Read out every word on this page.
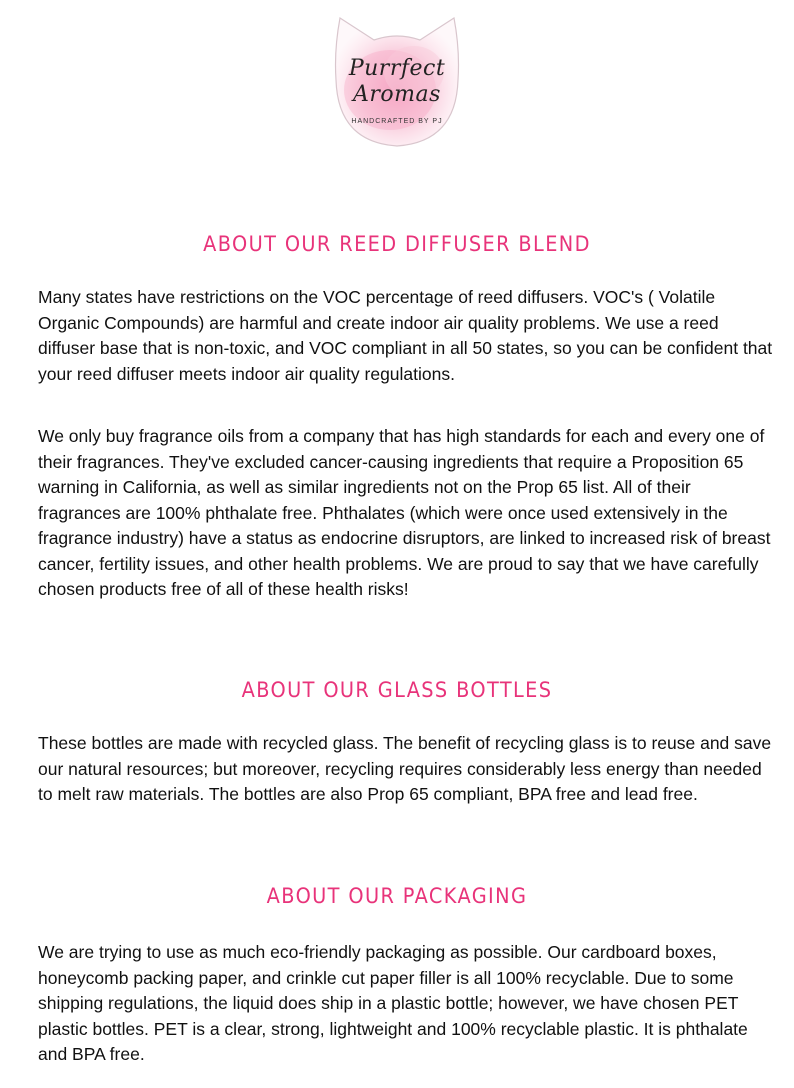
Purrfect
Aromas
HANDCRAFTED BY PJ
ABOUT OUR REED DIFFUSER BLEND

Many states have restrictions on the VOC percentage of reed diffusers. VOC's ( Volatile Organic Compounds) are harmful and create indoor air quality problems. We use a reed diffuser base that is non-toxic, and VOC compliant in all 50 states, so you can be confident that your reed diffuser meets indoor air quality regulations.

We only buy fragrance oils from a company that has high standards for each and every one of their fragrances. They've excluded cancer-causing ingredients that require a Proposition 65 warning in California, as well as similar ingredients not on the Prop 65 list. All of their fragrances are 100% phthalate free. Phthalates (which were once used extensively in the fragrance industry) have a status as endocrine disruptors, are linked to increased risk of breast cancer, fertility issues, and other health problems. We are proud to say that we have carefully chosen products free of all of these health risks!

ABOUT OUR GLASS BOTTLES

These bottles are made with recycled glass. The benefit of recycling glass is to reuse and save our natural resources; but moreover, recycling requires considerably less energy than needed to melt raw materials. The bottles are also Prop 65 compliant, BPA free and lead free.

ABOUT OUR PACKAGING

We are trying to use as much eco-friendly packaging as possible. Our cardboard boxes, honeycomb packing paper, and crinkle cut paper filler is all 100% recyclable. Due to some shipping regulations, the liquid does ship in a plastic bottle; however, we have chosen PET plastic bottles. PET is a clear, strong, lightweight and 100% recyclable plastic. It is phthalate and BPA free.
